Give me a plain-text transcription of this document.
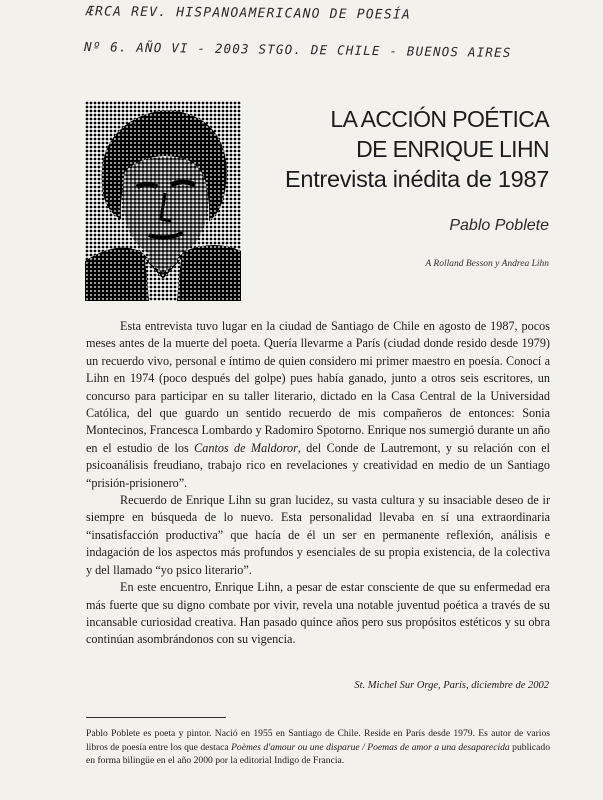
ÆRCA REV. HISPANOAMERICANO DE POESÍA
Nº 6. AÑO VI - 2003 STGO. DE CHILE - BUENOS AIRES
LA ACCIÓN POÉTICA
DE ENRIQUE LIHN
Entrevista inédita de 1987
Pablo Poblete
A Rolland Besson y Andrea Lihn

Esta entrevista tuvo lugar en la ciudad de Santiago de Chile en agosto de 1987, pocos meses antes de la muerte del poeta. Quería llevarme a París (ciudad donde resido desde 1979) un recuerdo vivo, personal e íntimo de quien considero mi primer maestro en poesía. Conocí a Lihn en 1974 (poco después del golpe) pues había ganado, junto a otros seis escritores, un concurso para participar en su taller literario, dictado en la Casa Central de la Universidad Católica, del que guardo un sentido recuerdo de mis compañeros de entonces: Sonia Montecinos, Francesca Lombardo y Radomiro Spotorno. Enrique nos sumergió durante un año en el estudio de los Cantos de Maldoror, del Conde de Lautremont, y su relación con el psicoanálisis freudiano, trabajo rico en revelaciones y creatividad en medio de un Santiago “prisión-prisionero”.

Recuerdo de Enrique Lihn su gran lucidez, su vasta cultura y su insaciable deseo de ir siempre en búsqueda de lo nuevo. Esta personalidad llevaba en sí una extraordinaria “insatisfacción productiva” que hacía de él un ser en permanente reflexión, análisis e indagación de los aspectos más profundos y esenciales de su propia existencia, de la colectiva y del llamado “yo psico literario”.

En este encuentro, Enrique Lihn, a pesar de estar consciente de que su enfermedad era más fuerte que su digno combate por vivir, revela una notable juventud poética a través de su incansable curiosidad creativa. Han pasado quince años pero sus propósitos estéticos y su obra continúan asombrándonos con su vigencia.

St. Michel Sur Orge, París, diciembre de 2002
Pablo Poblete es poeta y pintor. Nació en 1955 en Santiago de Chile. Reside en París desde 1979. Es autor de varios libros de poesía entre los que destaca Poèmes d'amour ou une disparue / Poemas de amor a una desaparecida publicado en forma bilingüe en el año 2000 por la editorial Indigo de Francia.
